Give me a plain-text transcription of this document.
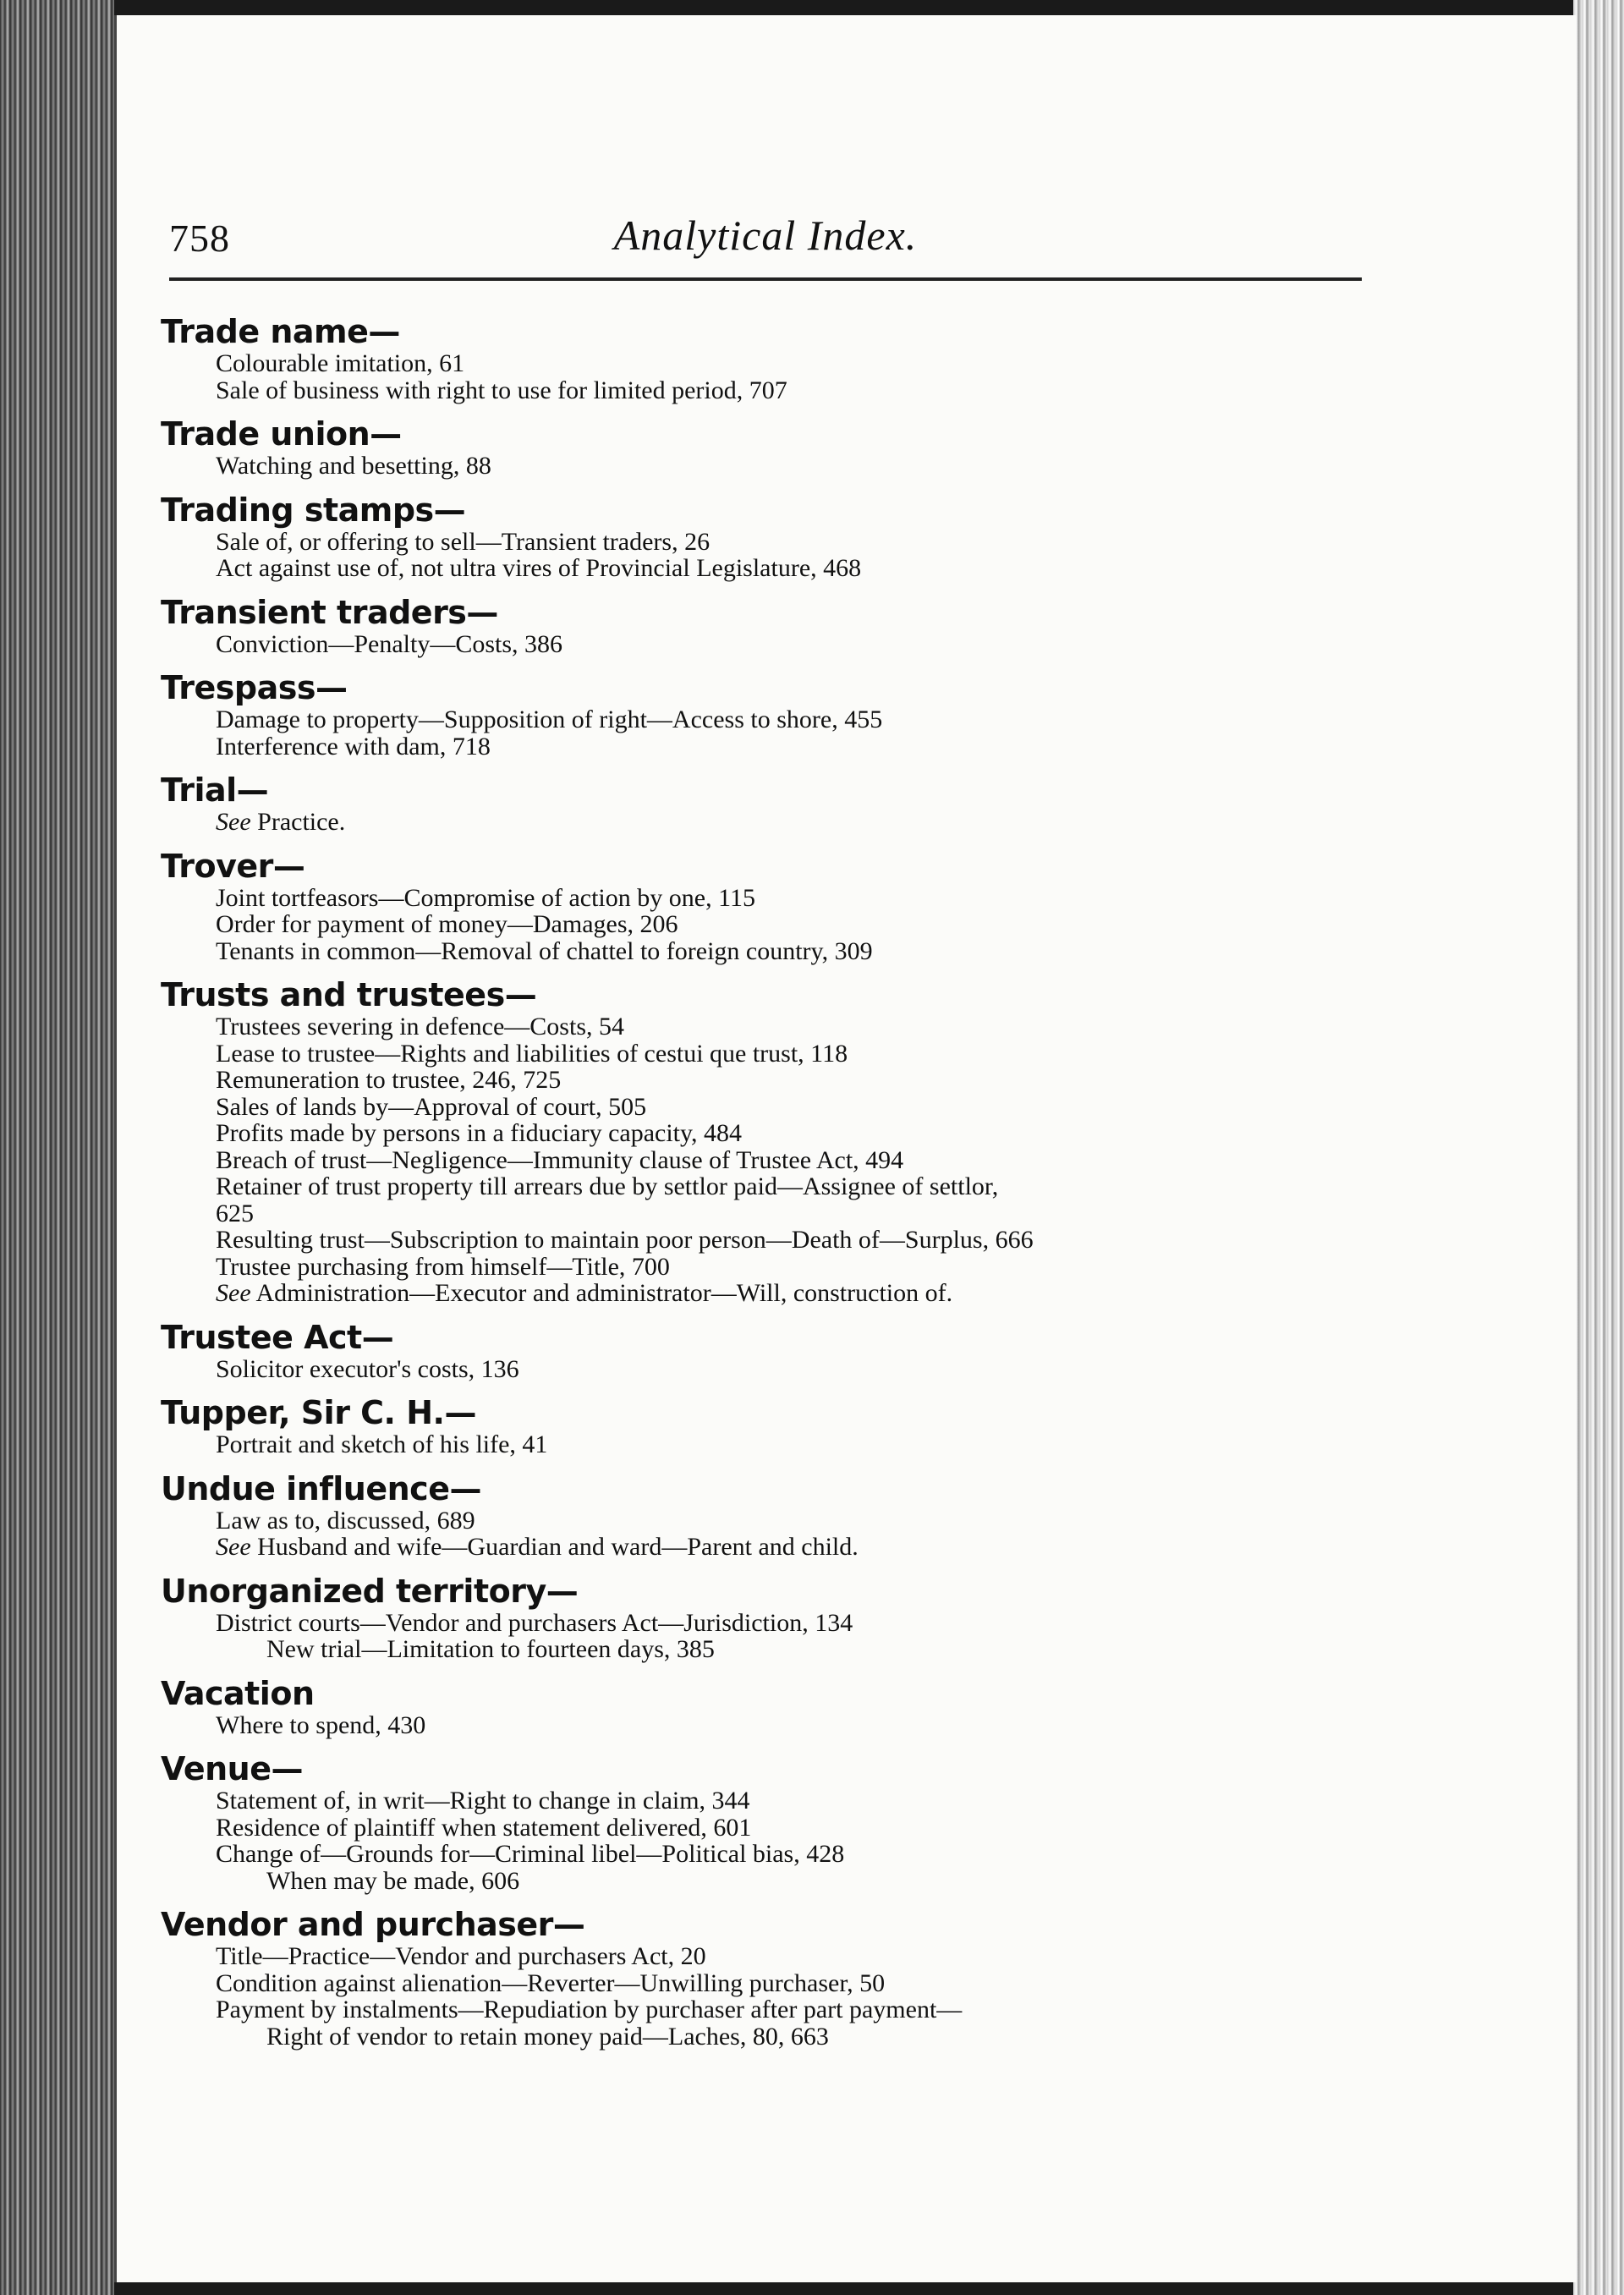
758	Analytical Index.
Trade name—
Colourable imitation, 61
Sale of business with right to use for limited period, 707
Trade union—
Watching and besetting, 88
Trading stamps—
Sale of, or offering to sell—Transient traders, 26
Act against use of, not ultra vires of Provincial Legislature, 468
Transient traders—
Conviction—Penalty—Costs, 386
Trespass—
Damage to property—Supposition of right—Access to shore, 455
Interference with dam, 718
Trial—
See Practice.
Trover—
Joint tortfeasors—Compromise of action by one, 115
Order for payment of money—Damages, 206
Tenants in common—Removal of chattel to foreign country, 309
Trusts and trustees—
Trustees severing in defence—Costs, 54
Lease to trustee—Rights and liabilities of cestui que trust, 118
Remuneration to trustee, 246, 725
Sales of lands by—Approval of court, 505
Profits made by persons in a fiduciary capacity, 484
Breach of trust—Negligence—Immunity clause of Trustee Act, 494
Retainer of trust property till arrears due by settlor paid—Assignee of settlor,
625
Resulting trust—Subscription to maintain poor person—Death of—Surplus, 666
Trustee purchasing from himself—Title, 700
See Administration—Executor and administrator—Will, construction of.
Trustee Act—
Solicitor executor's costs, 136
Tupper, Sir C. H.—
Portrait and sketch of his life, 41
Undue influence—
Law as to, discussed, 689
See Husband and wife—Guardian and ward—Parent and child.
Unorganized territory—
District courts—Vendor and purchasers Act—Jurisdiction, 134
New trial—Limitation to fourteen days, 385
Vacation
Where to spend, 430
Venue—
Statement of, in writ—Right to change in claim, 344
Residence of plaintiff when statement delivered, 601
Change of—Grounds for—Criminal libel—Political bias, 428
When may be made, 606
Vendor and purchaser—
Title—Practice—Vendor and purchasers Act, 20
Condition against alienation—Reverter—Unwilling purchaser, 50
Payment by instalments—Repudiation by purchaser after part payment—
Right of vendor to retain money paid—Laches, 80, 663
